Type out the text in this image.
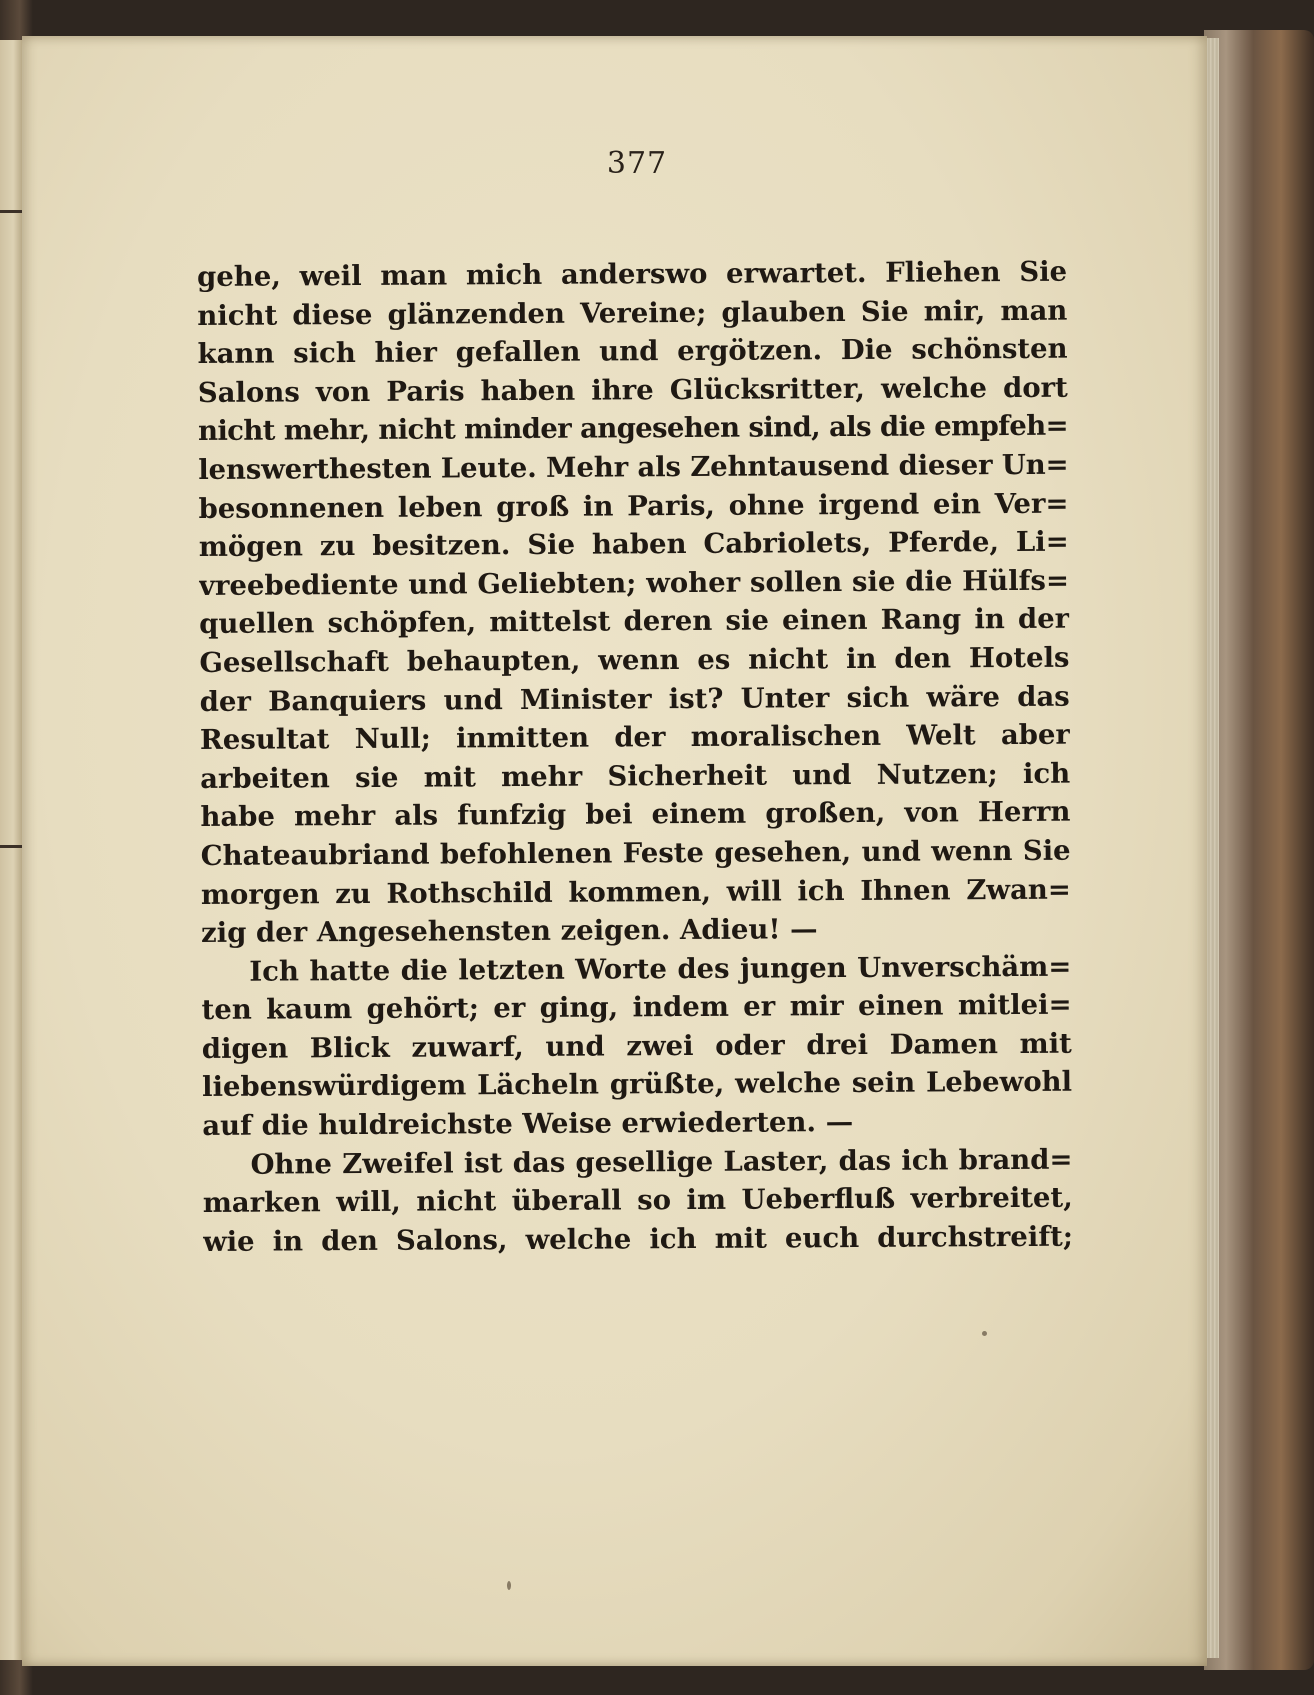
377
gehe, weil man mich anderswo erwartet. Fliehen Sie
nicht diese glänzenden Vereine; glauben Sie mir, man
kann sich hier gefallen und ergötzen. Die schönsten
Salons von Paris haben ihre Glücksritter, welche dort
nicht mehr, nicht minder angesehen sind, als die empfeh=
lenswerthesten Leute. Mehr als Zehntausend dieser Un=
besonnenen leben groß in Paris, ohne irgend ein Ver=
mögen zu besitzen. Sie haben Cabriolets, Pferde, Li=
vreebediente und Geliebten; woher sollen sie die Hülfs=
quellen schöpfen, mittelst deren sie einen Rang in der
Gesellschaft behaupten, wenn es nicht in den Hotels
der Banquiers und Minister ist? Unter sich wäre das
Resultat Null; inmitten der moralischen Welt aber
arbeiten sie mit mehr Sicherheit und Nutzen; ich
habe mehr als funfzig bei einem großen, von Herrn
Chateaubriand befohlenen Feste gesehen, und wenn Sie
morgen zu Rothschild kommen, will ich Ihnen Zwan=
zig der Angesehensten zeigen. Adieu! —
Ich hatte die letzten Worte des jungen Unverschäm=
ten kaum gehört; er ging, indem er mir einen mitlei=
digen Blick zuwarf, und zwei oder drei Damen mit
liebenswürdigem Lächeln grüßte, welche sein Lebewohl
auf die huldreichste Weise erwiederten. —
Ohne Zweifel ist das gesellige Laster, das ich brand=
marken will, nicht überall so im Ueberfluß verbreitet,
wie in den Salons, welche ich mit euch durchstreift;
